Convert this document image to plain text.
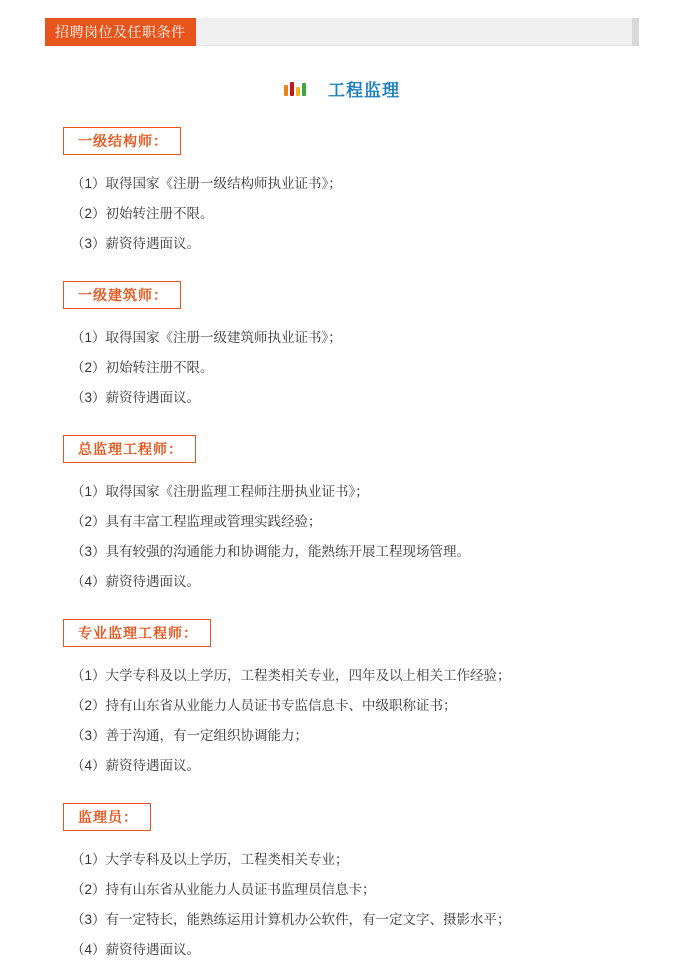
招聘岗位及任职条件
工程监理
一级结构师：
（1）取得国家《注册一级结构师执业证书》；
（2）初始转注册不限。
（3）薪资待遇面议。
一级建筑师：
（1）取得国家《注册一级建筑师执业证书》；
（2）初始转注册不限。
（3）薪资待遇面议。
总监理工程师：
（1）取得国家《注册监理工程师注册执业证书》；
（2）具有丰富工程监理或管理实践经验；
（3）具有较强的沟通能力和协调能力，能熟练开展工程现场管理。
（4）薪资待遇面议。
专业监理工程师：
（1）大学专科及以上学历，工程类相关专业，四年及以上相关工作经验；
（2）持有山东省从业能力人员证书专监信息卡、中级职称证书；
（3）善于沟通，有一定组织协调能力；
（4）薪资待遇面议。
监理员：
（1）大学专科及以上学历，工程类相关专业；
（2）持有山东省从业能力人员证书监理员信息卡；
（3）有一定特长，能熟练运用计算机办公软件，有一定文字、摄影水平；
（4）薪资待遇面议。
